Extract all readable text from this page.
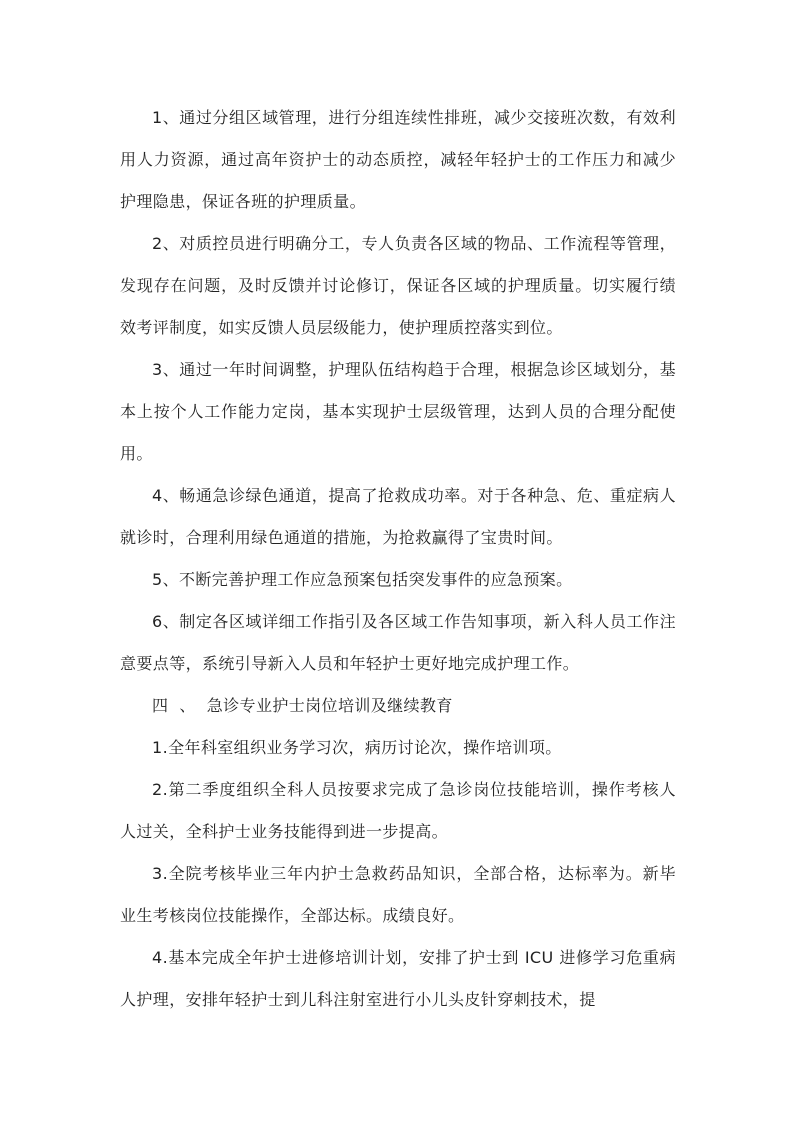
1、通过分组区域管理，进行分组连续性排班，减少交接班次数，有效利用人力资源，通过高年资护士的动态质控，减轻年轻护士的工作压力和减少护理隐患，保证各班的护理质量。

2、对质控员进行明确分工，专人负责各区域的物品、工作流程等管理，发现存在问题，及时反馈并讨论修订，保证各区域的护理质量。切实履行绩效考评制度，如实反馈人员层级能力，使护理质控落实到位。

3、通过一年时间调整，护理队伍结构趋于合理，根据急诊区域划分，基本上按个人工作能力定岗，基本实现护士层级管理，达到人员的合理分配使用。

4、畅通急诊绿色通道，提高了抢救成功率。对于各种急、危、重症病人就诊时，合理利用绿色通道的措施，为抢救赢得了宝贵时间。

5、不断完善护理工作应急预案包括突发事件的应急预案。

6、制定各区域详细工作指引及各区域工作告知事项，新入科人员工作注意要点等，系统引导新入人员和年轻护士更好地完成护理工作。

四  、  急诊专业护士岗位培训及继续教育

1.全年科室组织业务学习次，病历讨论次，操作培训项。

2.第二季度组织全科人员按要求完成了急诊岗位技能培训，操作考核人人过关，全科护士业务技能得到进一步提高。

3.全院考核毕业三年内护士急救药品知识，全部合格，达标率为。新毕业生考核岗位技能操作，全部达标。成绩良好。

4.基本完成全年护士进修培训计划，安排了护士到 ICU 进修学习危重病人护理，安排年轻护士到儿科注射室进行小儿头皮针穿刺技术，提
